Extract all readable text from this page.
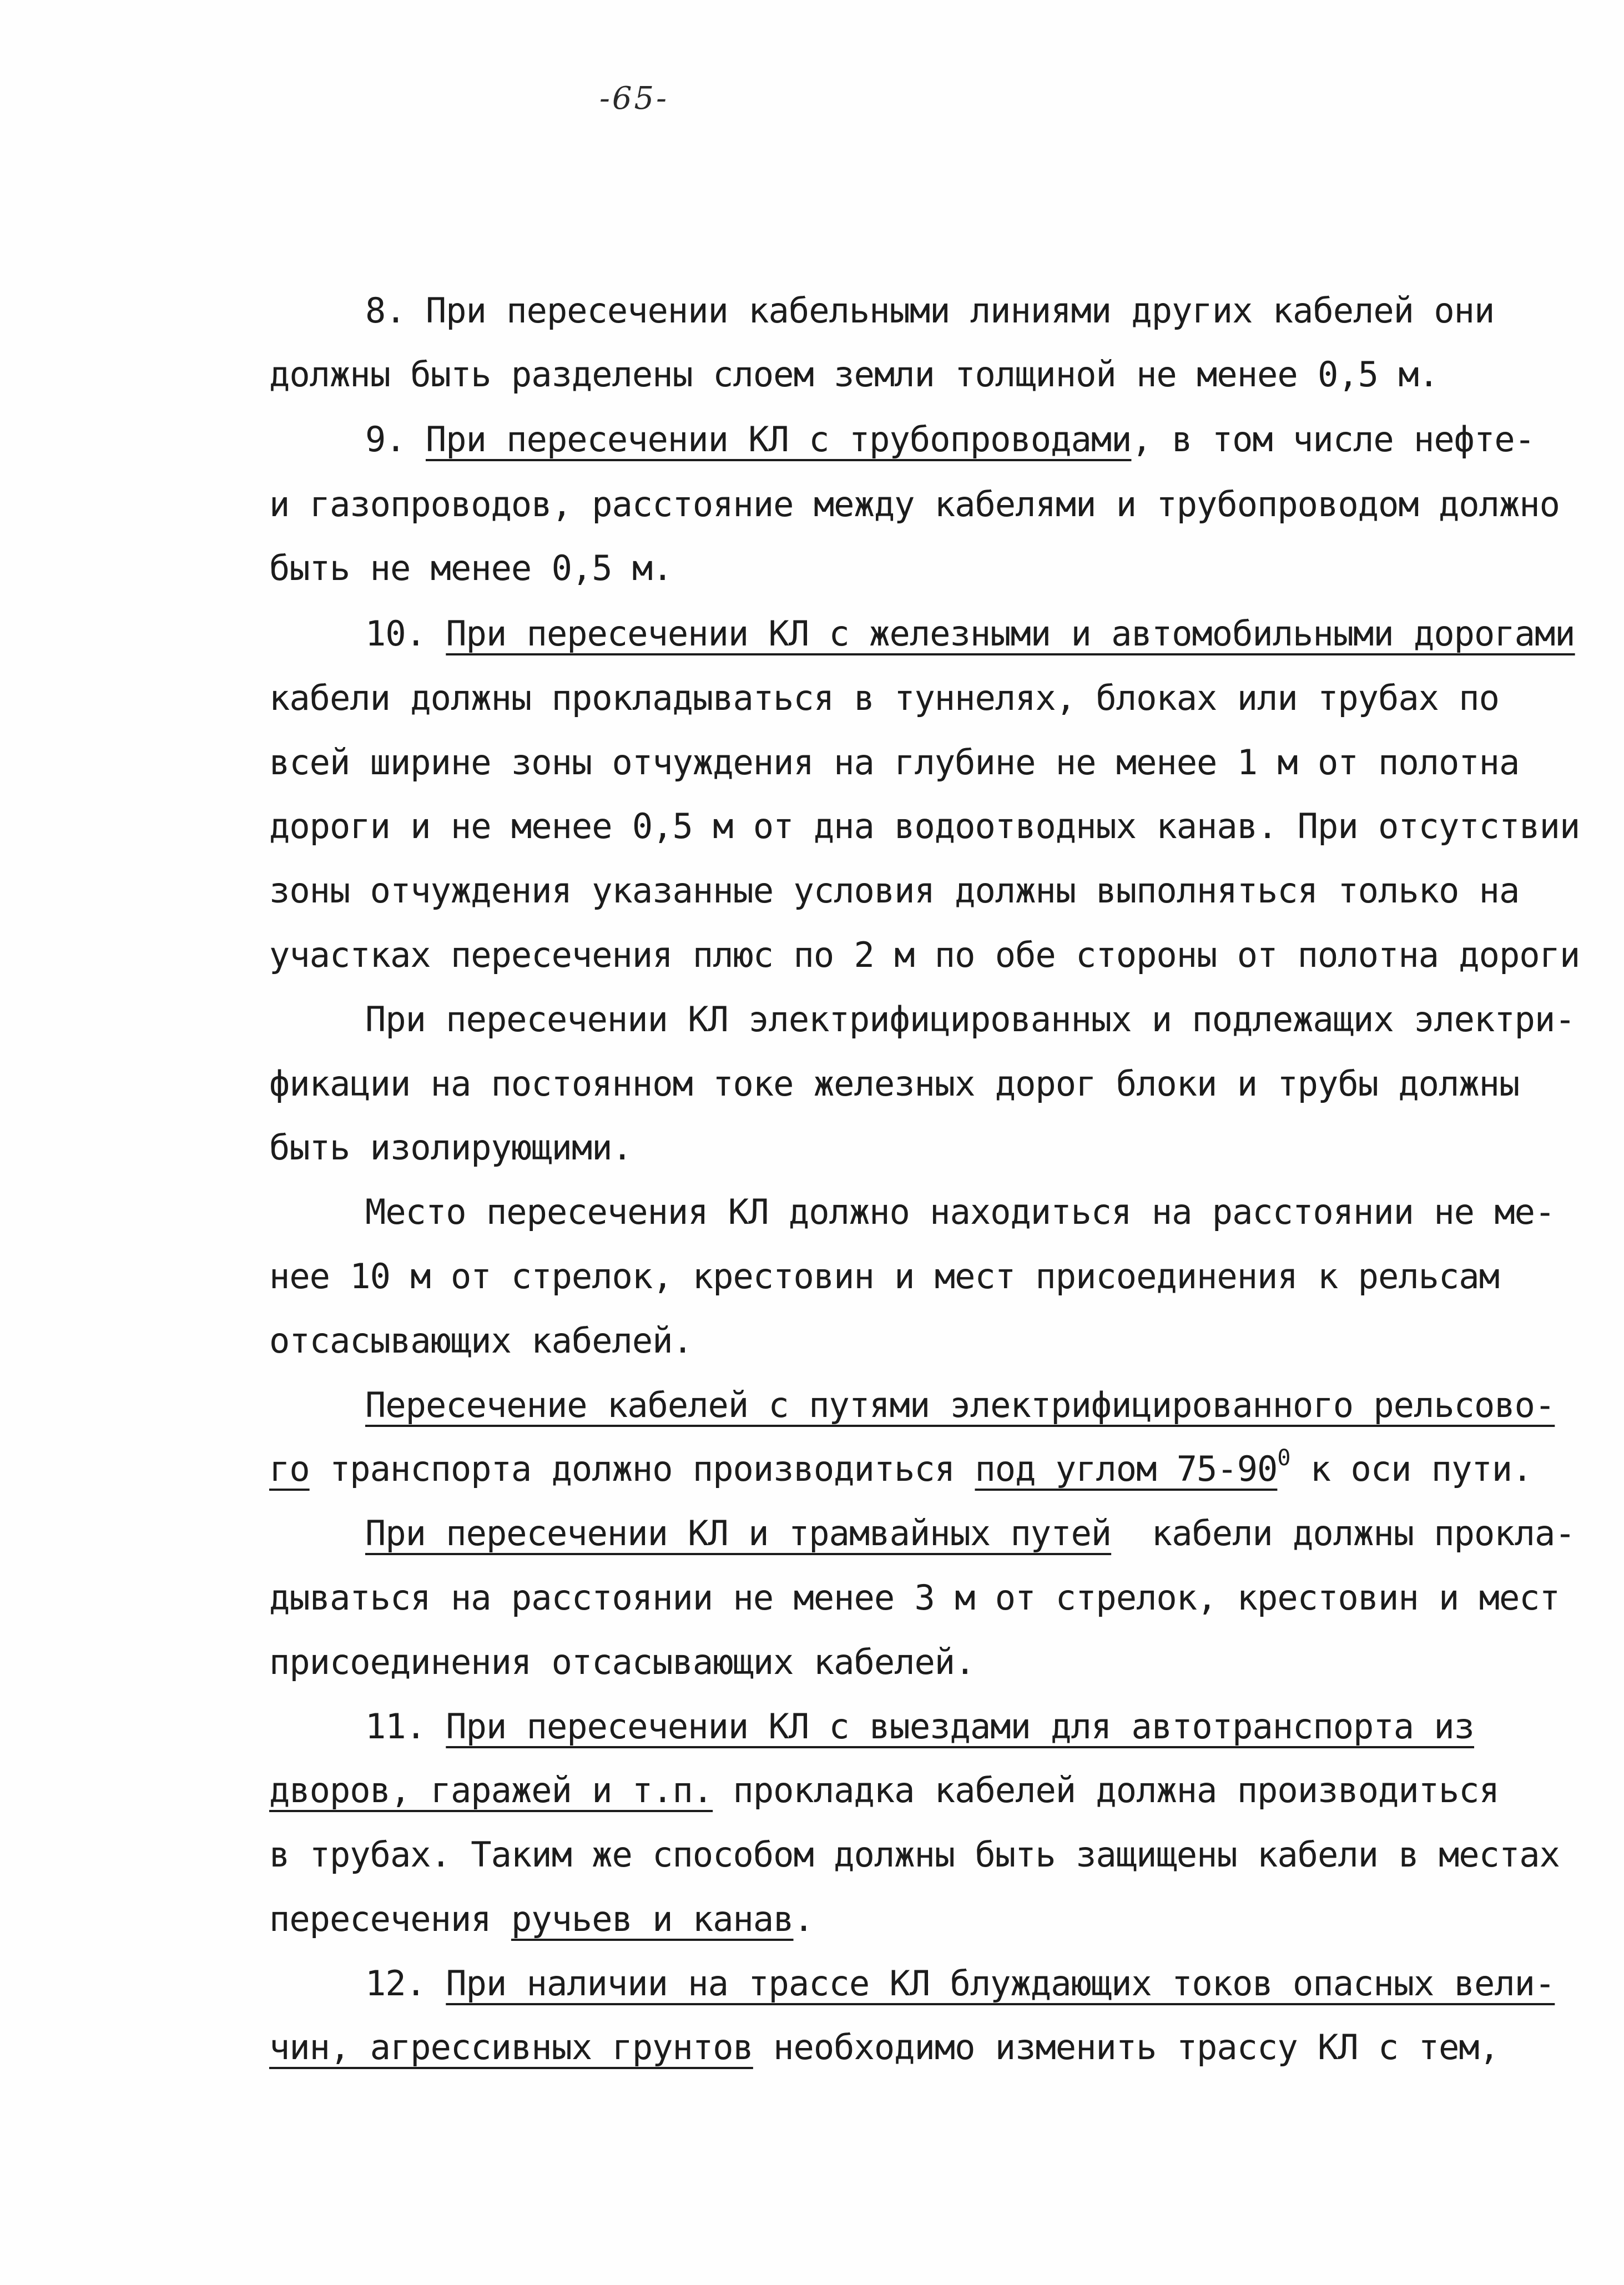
-65-
8. При пересечении кабельными линиями других кабелей они
должны быть разделены слоем земли толщиной не менее 0,5 м.
9. При пересечении КЛ с трубопроводами, в том числе нефте-
и газопроводов, расстояние между кабелями и трубопроводом должно
быть не менее 0,5 м.
10. При пересечении КЛ с железными и автомобильными дорогами
кабели должны прокладываться в туннелях, блоках или трубах по
всей ширине зоны отчуждения на глубине не менее 1 м от полотна
дороги и не менее 0,5 м от дна водоотводных канав. При отсутствии
зоны отчуждения указанные условия должны выполняться только на
участках пересечения плюс по 2 м по обе стороны от полотна дороги
При пересечении КЛ электрифицированных и подлежащих электри-
фикации на постоянном токе железных дорог блоки и трубы должны
быть изолирующими.
Место пересечения КЛ должно находиться на расстоянии не ме-
нее 10 м от стрелок, крестовин и мест присоединения к рельсам
отсасывающих кабелей.
Пересечение кабелей с путями электрифицированного рельсово-
го транспорта должно производиться под углом $75-90^0$ к оси пути.
При пересечении КЛ и трамвайных путей  кабели должны прокла-
дываться на расстоянии не менее 3 м от стрелок, крестовин и мест
присоединения отсасывающих кабелей.
11. При пересечении КЛ с выездами для автотранспорта из
дворов, гаражей и т.п. прокладка кабелей должна производиться
в трубах. Таким же способом должны быть защищены кабели в местах
пересечения ручьев и канав.
12. При наличии на трассе КЛ блуждающих токов опасных вели-
чин, агрессивных грунтов необходимо изменить трассу КЛ с тем,
